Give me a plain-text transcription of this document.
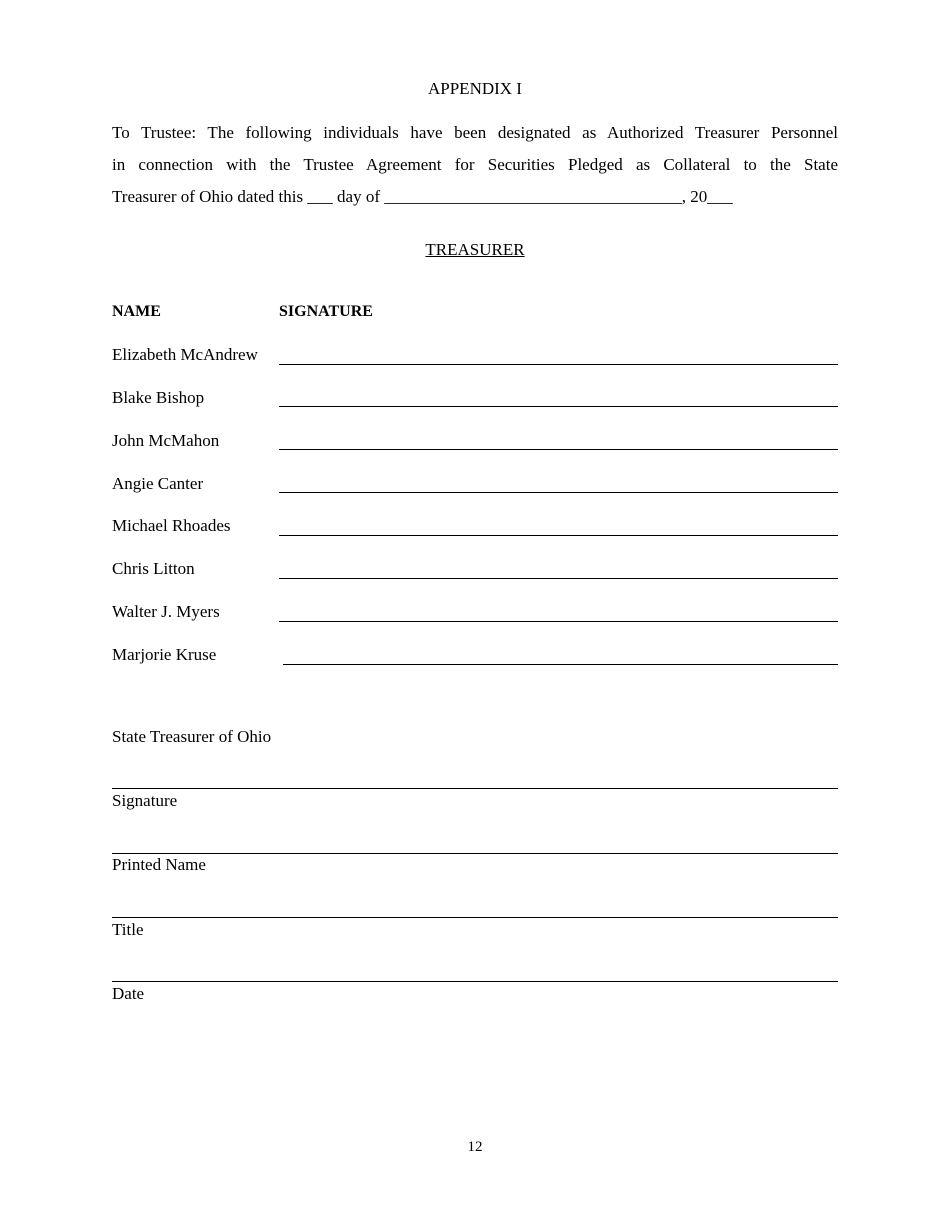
APPENDIX I
To Trustee: The following individuals have been designated as Authorized Treasurer Personnel
in connection with the Trustee Agreement for Securities Pledged as Collateral to the State
Treasurer of Ohio dated this ___ day of ___________________________________, 20___
TREASURER
NAME	SIGNATURE
Elizabeth McAndrew
Blake Bishop
John McMahon
Angie Canter
Michael Rhoades
Chris Litton
Walter J. Myers
Marjorie Kruse
State Treasurer of Ohio
Signature
Printed Name
Title
Date
12
